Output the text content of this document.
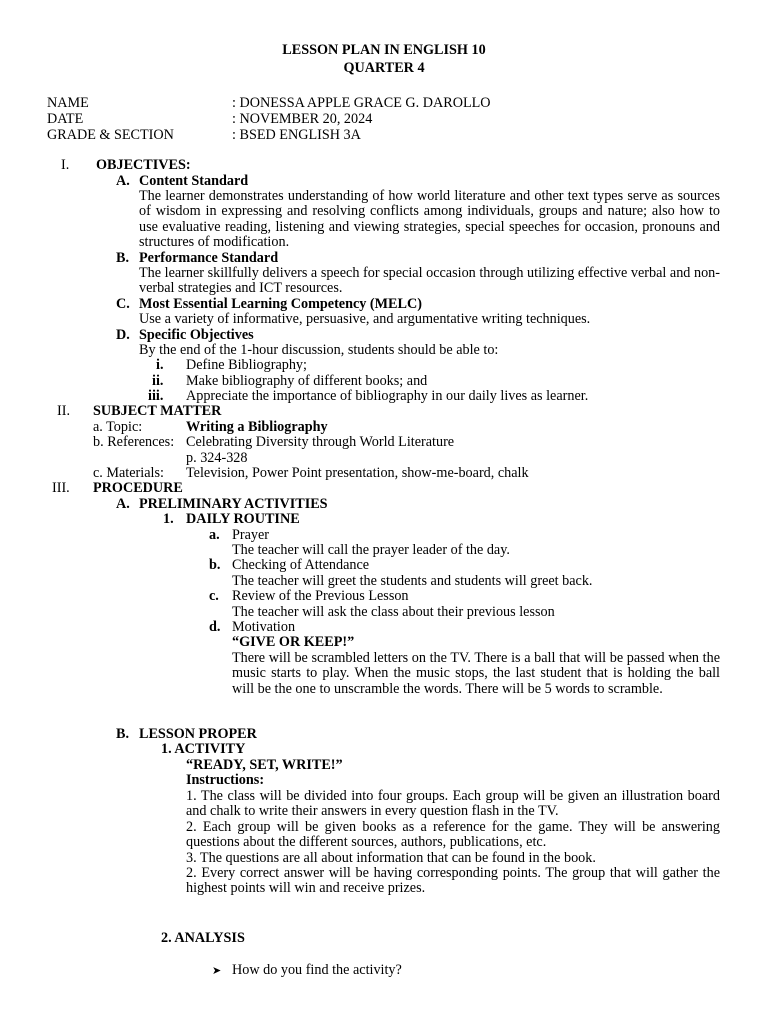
LESSON PLAN IN ENGLISH 10
QUARTER 4
NAME	: DONESSA APPLE GRACE G. DAROLLO
DATE	: NOVEMBER 20, 2024
GRADE & SECTION	: BSED ENGLISH 3A
I. OBJECTIVES:
A. Content Standard
The learner demonstrates understanding of how world literature and other text types serve as sources of wisdom in expressing and resolving conflicts among individuals, groups and nature; also how to use evaluative reading, listening and viewing strategies, special speeches for occasion, pronouns and structures of modification.
B. Performance Standard
The learner skillfully delivers a speech for special occasion through utilizing effective verbal and non-verbal strategies and ICT resources.
C. Most Essential Learning Competency (MELC)
Use a variety of informative, persuasive, and argumentative writing techniques.
D. Specific Objectives
By the end of the 1-hour discussion, students should be able to:
i. Define Bibliography;
ii. Make bibliography of different books; and
iii. Appreciate the importance of bibliography in our daily lives as learner.
II. SUBJECT MATTER
a. Topic:	Writing a Bibliography
b. References: Celebrating Diversity through World Literature
p. 324-328
c. Materials: Television, Power Point presentation, show-me-board, chalk
III. PROCEDURE
A. PRELIMINARY ACTIVITIES
1. DAILY ROUTINE
a. Prayer
The teacher will call the prayer leader of the day.
b. Checking of Attendance
The teacher will greet the students and students will greet back.
c. Review of the Previous Lesson
The teacher will ask the class about their previous lesson
d. Motivation
“GIVE OR KEEP!”
There will be scrambled letters on the TV. There is a ball that will be passed when the music starts to play. When the music stops, the last student that is holding the ball will be the one to unscramble the words. There will be 5 words to scramble.
B. LESSON PROPER
1. ACTIVITY
“READY, SET, WRITE!”
Instructions:
1. The class will be divided into four groups. Each group will be given an illustration board and chalk to write their answers in every question flash in the TV.
2. Each group will be given books as a reference for the game. They will be answering questions about the different sources, authors, publications, etc.
3. The questions are all about information that can be found in the book.
2. Every correct answer will be having corresponding points. The group that will gather the highest points will win and receive prizes.
2. ANALYSIS
➤ How do you find the activity?
